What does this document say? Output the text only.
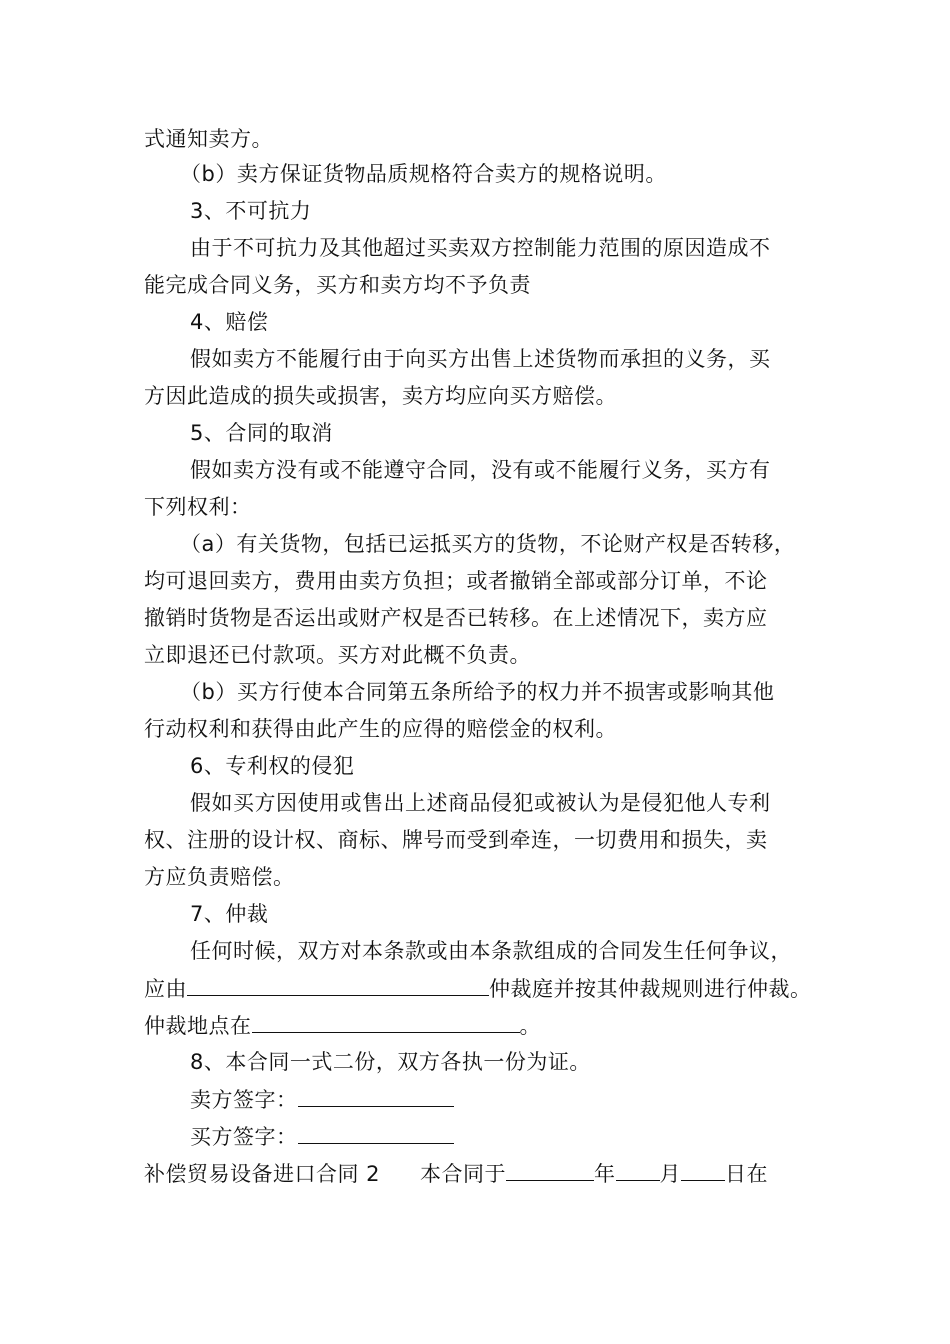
式通知卖方。
（b）卖方保证货物品质规格符合卖方的规格说明。
3、不可抗力
由于不可抗力及其他超过买卖双方控制能力范围的原因造成不
能完成合同义务，买方和卖方均不予负责
4、赔偿
假如卖方不能履行由于向买方出售上述货物而承担的义务，买
方因此造成的损失或损害，卖方均应向买方赔偿。
5、合同的取消
假如卖方没有或不能遵守合同，没有或不能履行义务，买方有
下列权利：
（a）有关货物，包括已运抵买方的货物，不论财产权是否转移，
均可退回卖方，费用由卖方负担；或者撤销全部或部分订单，不论
撤销时货物是否运出或财产权是否已转移。在上述情况下，卖方应
立即退还已付款项。买方对此概不负责。
（b）买方行使本合同第五条所给予的权力并不损害或影响其他
行动权利和获得由此产生的应得的赔偿金的权利。
6、专利权的侵犯
假如买方因使用或售出上述商品侵犯或被认为是侵犯他人专利
权、注册的设计权、商标、牌号而受到牵连，一切费用和损失，卖
方应负责赔偿。
7、仲裁
任何时候，双方对本条款或由本条款组成的合同发生任何争议，
应由	仲裁庭并按其仲裁规则进行仲裁。
仲裁地点在	。
8、本合同一式二份，双方各执一份为证。
卖方签字：
买方签字：
补偿贸易设备进口合同 2 本合同于	年 月 日在
